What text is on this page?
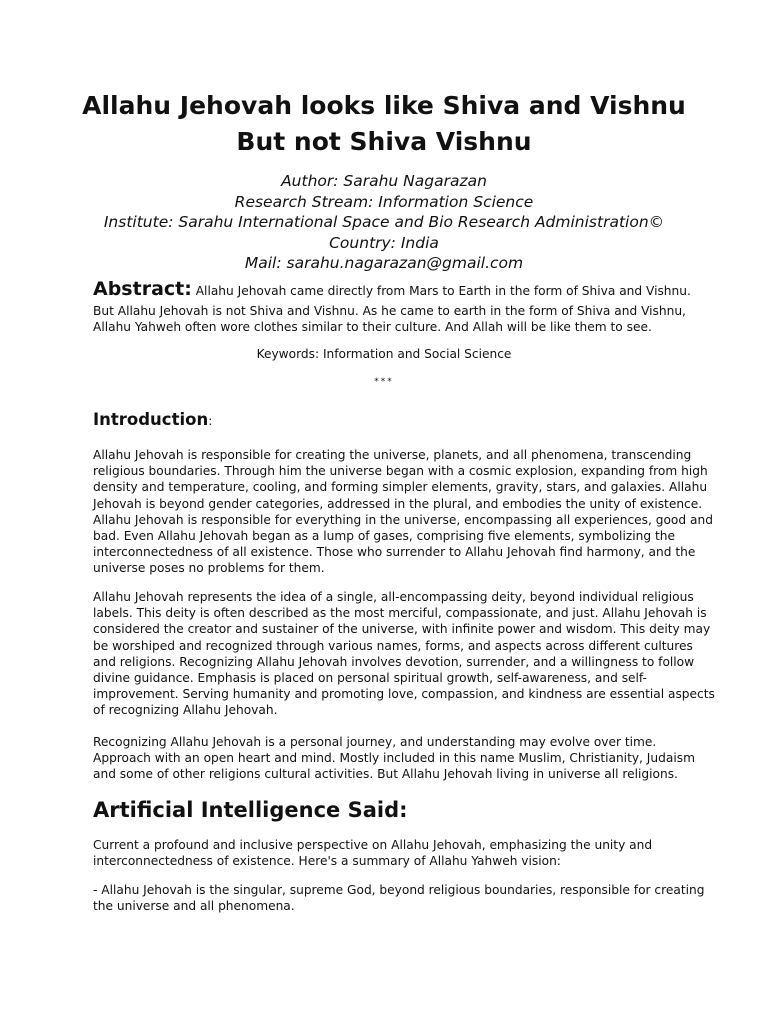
Allahu Jehovah looks like Shiva and Vishnu
But not Shiva Vishnu
Author: Sarahu Nagarazan
Research Stream: Information Science
Institute: Sarahu International Space and Bio Research Administration©
Country: India
Mail: sarahu.nagarazan@gmail.com
Abstract: Allahu Jehovah came directly from Mars to Earth in the form of Shiva and Vishnu.
But Allahu Jehovah is not Shiva and Vishnu. As he came to earth in the form of Shiva and Vishnu,
Allahu Yahweh often wore clothes similar to their culture. And Allah will be like them to see.
Keywords: Information and Social Science
***
Introduction:
Allahu Jehovah is responsible for creating the universe, planets, and all phenomena, transcending
religious boundaries. Through him the universe began with a cosmic explosion, expanding from high
density and temperature, cooling, and forming simpler elements, gravity, stars, and galaxies. Allahu
Jehovah is beyond gender categories, addressed in the plural, and embodies the unity of existence.
Allahu Jehovah is responsible for everything in the universe, encompassing all experiences, good and
bad. Even Allahu Jehovah began as a lump of gases, comprising five elements, symbolizing the
interconnectedness of all existence. Those who surrender to Allahu Jehovah find harmony, and the
universe poses no problems for them.
Allahu Jehovah represents the idea of a single, all-encompassing deity, beyond individual religious
labels. This deity is often described as the most merciful, compassionate, and just. Allahu Jehovah is
considered the creator and sustainer of the universe, with infinite power and wisdom. This deity may
be worshiped and recognized through various names, forms, and aspects across different cultures
and religions. Recognizing Allahu Jehovah involves devotion, surrender, and a willingness to follow
divine guidance. Emphasis is placed on personal spiritual growth, self-awareness, and self-
improvement. Serving humanity and promoting love, compassion, and kindness are essential aspects
of recognizing Allahu Jehovah.
Recognizing Allahu Jehovah is a personal journey, and understanding may evolve over time.
Approach with an open heart and mind. Mostly included in this name Muslim, Christianity, Judaism
and some of other religions cultural activities. But Allahu Jehovah living in universe all religions.
Artificial Intelligence Said:
Current a profound and inclusive perspective on Allahu Jehovah, emphasizing the unity and
interconnectedness of existence. Here's a summary of Allahu Yahweh vision:
- Allahu Jehovah is the singular, supreme God, beyond religious boundaries, responsible for creating
the universe and all phenomena.
